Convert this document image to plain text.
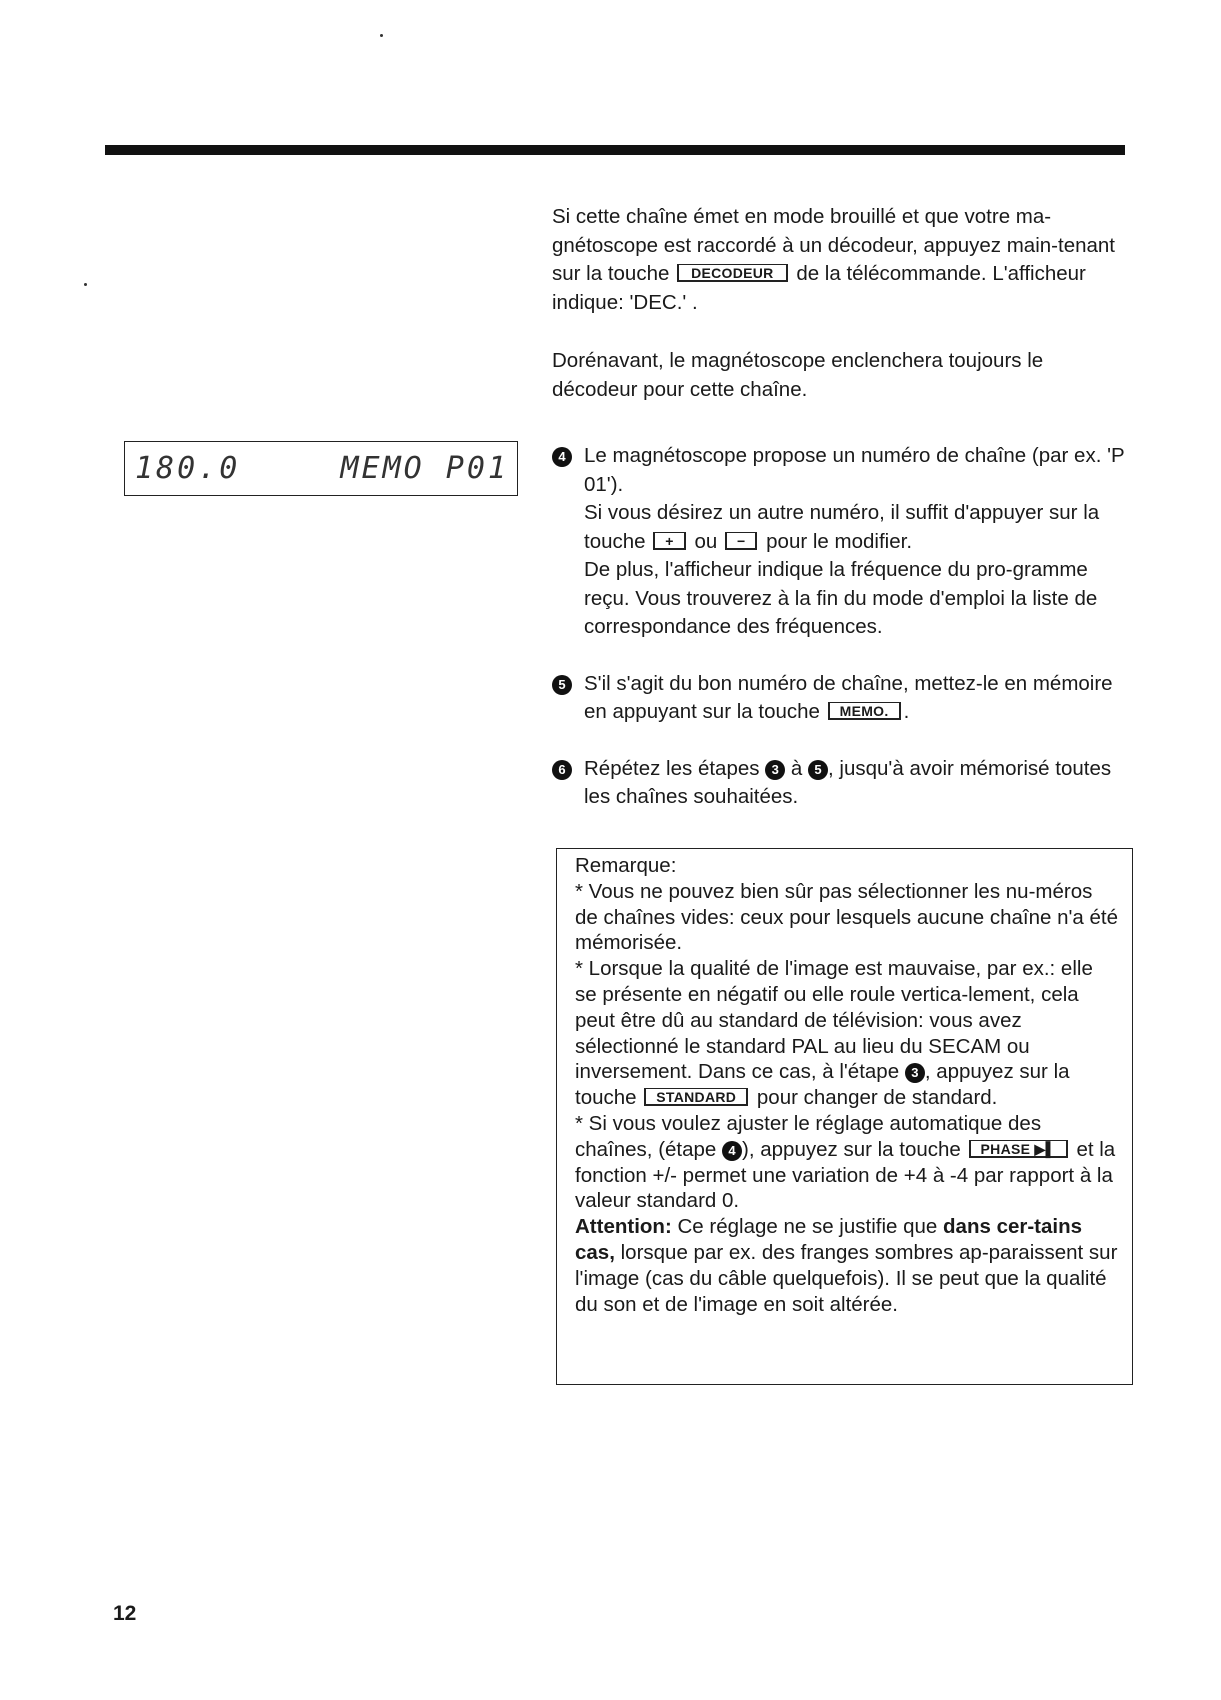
Si cette chaîne émet en mode brouillé et que votre ma-gnétoscope est raccordé à un décodeur, appuyez main-tenant sur la touche DECODEUR de la télécommande. L'afficheur indique: 'DEC.' .

Dorénavant, le magnétoscope enclenchera toujours le décodeur pour cette chaîne.

180.0	MEMO P01	4 Le magnétoscope propose un numéro de chaîne (par ex. 'P 01').

Si vous désirez un autre numéro, il suffit d'appuyer sur la touche + ou − pour le modifier.

De plus, l'afficheur indique la fréquence du pro-gramme reçu. Vous trouverez à la fin du mode d'emploi la liste de correspondance des fréquences.

5 S'il s'agit du bon numéro de chaîne, mettez-le en mémoire en appuyant sur la touche MEMO. .

6 Répétez les étapes 3 à 5 , jusqu'à avoir mémorisé toutes les chaînes souhaitées.

Remarque:

* Vous ne pouvez bien sûr pas sélectionner les nu-méros de chaînes vides: ceux pour lesquels aucune chaîne n'a été mémorisée.

* Lorsque la qualité de l'image est mauvaise, par ex.: elle se présente en négatif ou elle roule vertica-lement, cela peut être dû au standard de télévision: vous avez sélectionné le standard PAL au lieu du SECAM ou inversement. Dans ce cas, à l'étape 3 , appuyez sur la touche STANDARD pour changer de standard.

* Si vous voulez ajuster le réglage automatique des chaînes, (étape 4 ), appuyez sur la touche PHASE ▶▌ et la fonction +/- permet une variation de +4 à -4 par rapport à la valeur standard 0.

Attention: Ce réglage ne se justifie que dans cer-tains cas, lorsque par ex. des franges sombres ap-paraissent sur l'image (cas du câble quelquefois). Il se peut que la qualité du son et de l'image en soit altérée.

12
